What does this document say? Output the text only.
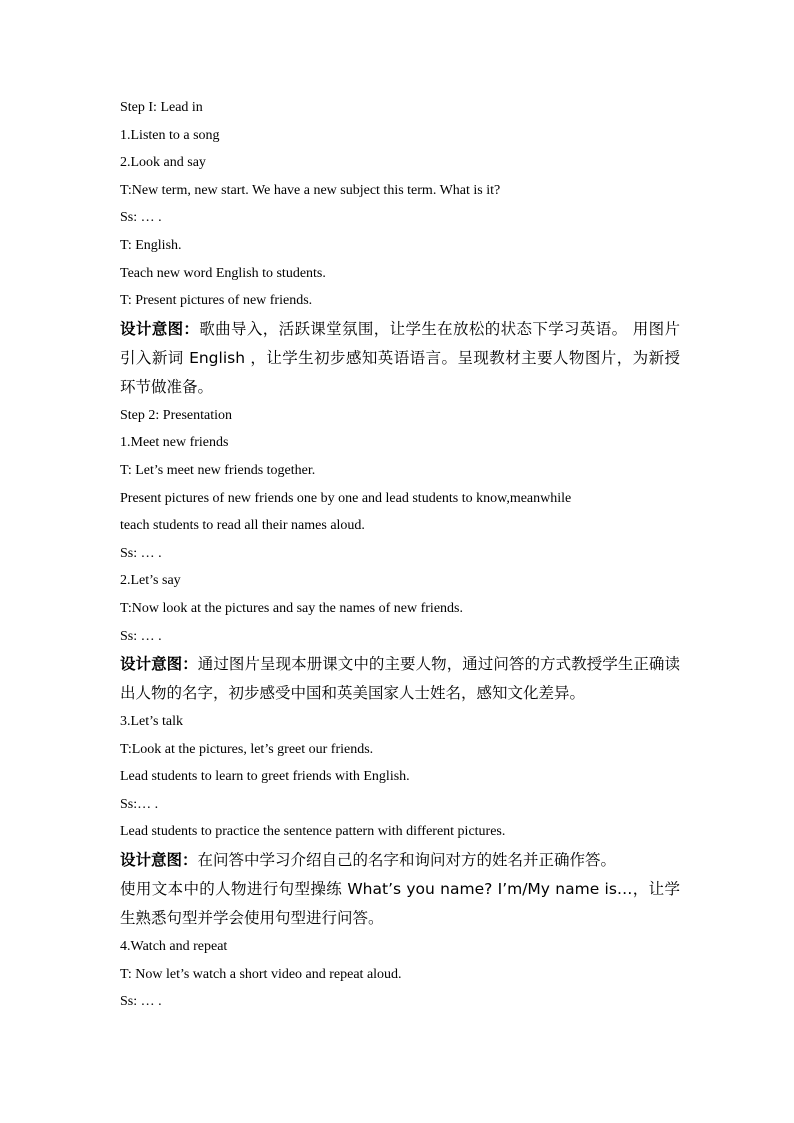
Step I: Lead in
1.Listen to a song
2.Look and say
T:New term, new start. We have a new subject this term. What is it?
Ss: … .
T: English.
Teach new word English to students.
T: Present pictures of new friends.
设计意图：歌曲导入，活跃课堂氛围，让学生在放松的状态下学习英语。 用图片引入新词 English ，让学生初步感知英语语言。呈现教材主要人物图片，为新授环节做准备。
Step 2: Presentation
1.Meet new friends
T: Let’s meet new friends together.
Present pictures of new friends one by one and lead students to know,meanwhile
teach students to read all their names aloud.
Ss: … .
2.Let’s say
T:Now look at the pictures and say the names of new friends.
Ss: … .
设计意图：通过图片呈现本册课文中的主要人物，通过问答的方式教授学生正确读出人物的名字，初步感受中国和英美国家人士姓名，感知文化差异。
3.Let’s talk
T:Look at the pictures, let’s greet our friends.
Lead students to learn to greet friends with English.
Ss:… .
Lead students to practice the sentence pattern with different pictures.
设计意图：在问答中学习介绍自己的名字和询问对方的姓名并正确作答。
使用文本中的人物进行句型操练 What’s you name? I’m/My name is…，让学生熟悉句型并学会使用句型进行问答。
4.Watch and repeat
T: Now let’s watch a short video and repeat aloud.
Ss: … .
